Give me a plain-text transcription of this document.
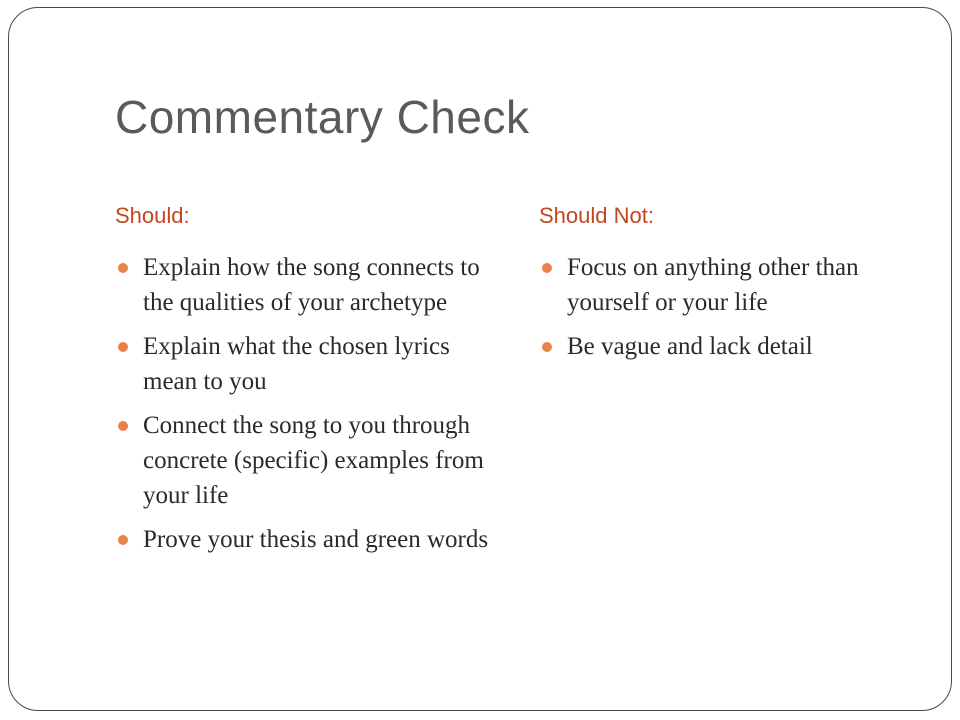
Commentary Check
Should:
Explain how the song connects to the qualities of your archetype
Explain what the chosen lyrics mean to you
Connect the song to you through concrete (specific) examples from your life
Prove your thesis and green words
Should Not:
Focus on anything other than yourself or your life
Be vague and lack detail
